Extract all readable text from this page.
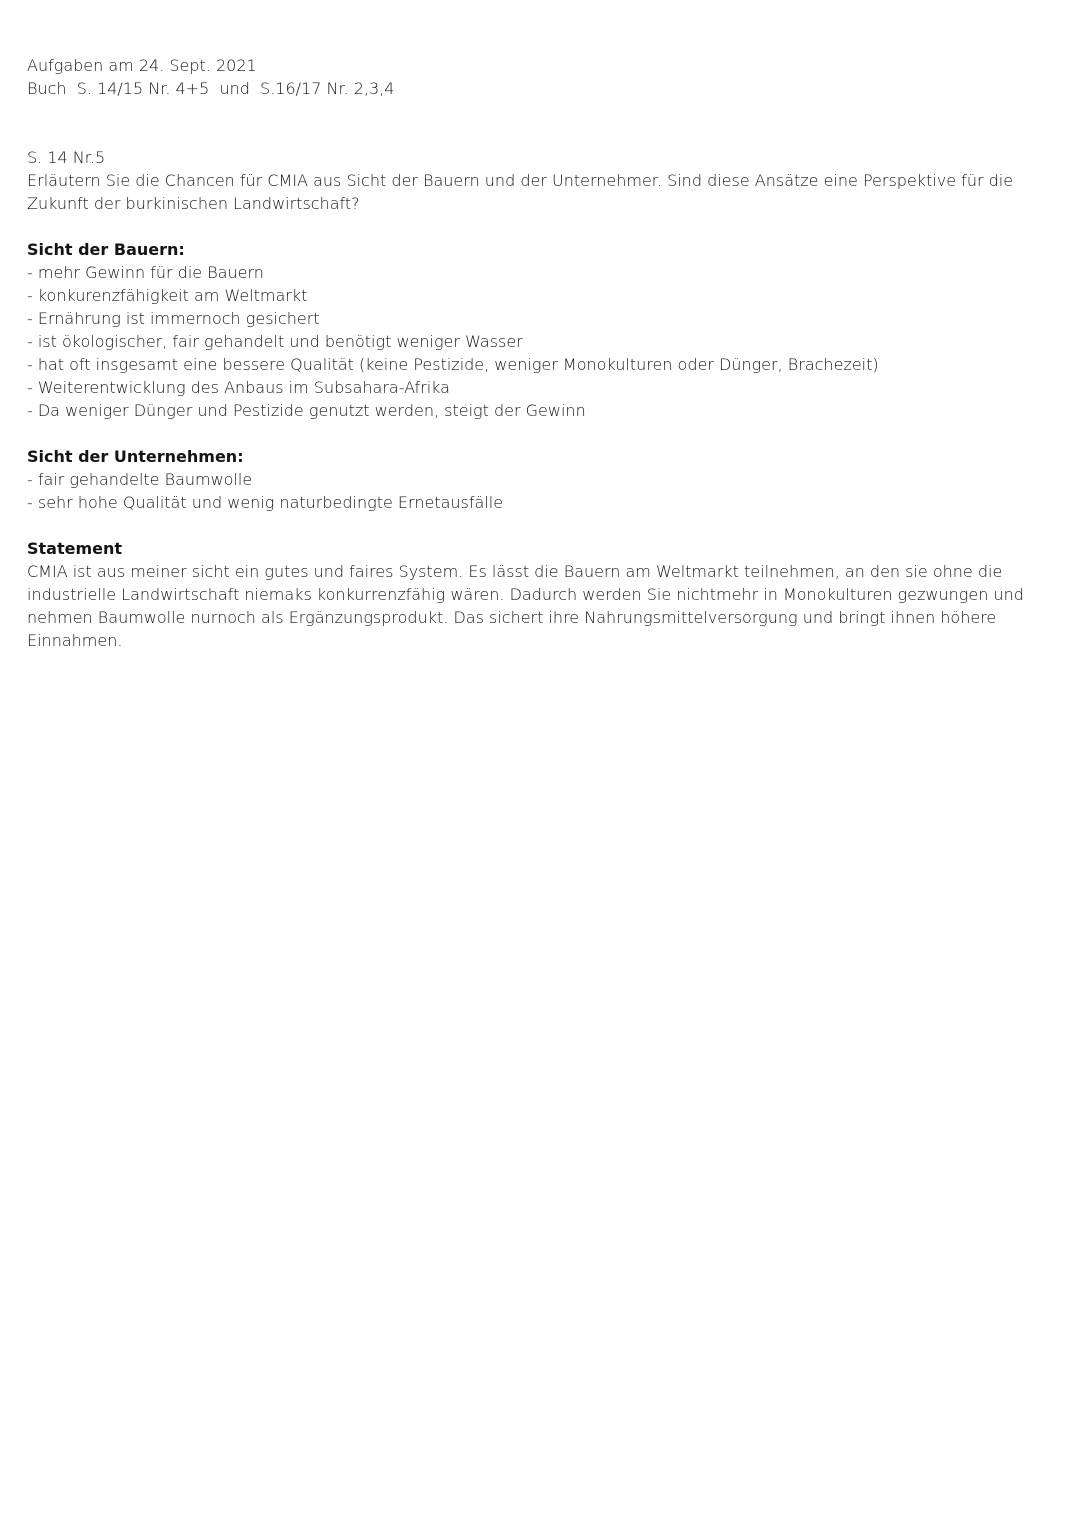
Aufgaben am 24. Sept. 2021
Buch  S. 14/15 Nr. 4+5  und  S.16/17 Nr. 2,3,4
S. 14 Nr.5
Erläutern Sie die Chancen für CMIA aus Sicht der Bauern und der Unternehmer. Sind diese Ansätze eine Perspektive für die Zukunft der burkinischen Landwirtschaft?
Sicht der Bauern:
- mehr Gewinn für die Bauern
- konkurenzfähigkeit am Weltmarkt
- Ernährung ist immernoch gesichert
- ist ökologischer, fair gehandelt und benötigt weniger Wasser
- hat oft insgesamt eine bessere Qualität (keine Pestizide, weniger Monokulturen oder Dünger, Brachezeit)
- Weiterentwicklung des Anbaus im Subsahara-Afrika
- Da weniger Dünger und Pestizide genutzt werden, steigt der Gewinn
Sicht der Unternehmen:
- fair gehandelte Baumwolle
- sehr hohe Qualität und wenig naturbedingte Ernetausfälle
Statement
CMIA ist aus meiner sicht ein gutes und faires System. Es lässt die Bauern am Weltmarkt teilnehmen, an den sie ohne die industrielle Landwirtschaft niemaks konkurrenzfähig wären. Dadurch werden Sie nichtmehr in Monokulturen gezwungen und nehmen Baumwolle nurnoch als Ergänzungsprodukt. Das sichert ihre Nahrungsmittelversorgung und bringt ihnen höhere Einnahmen.
